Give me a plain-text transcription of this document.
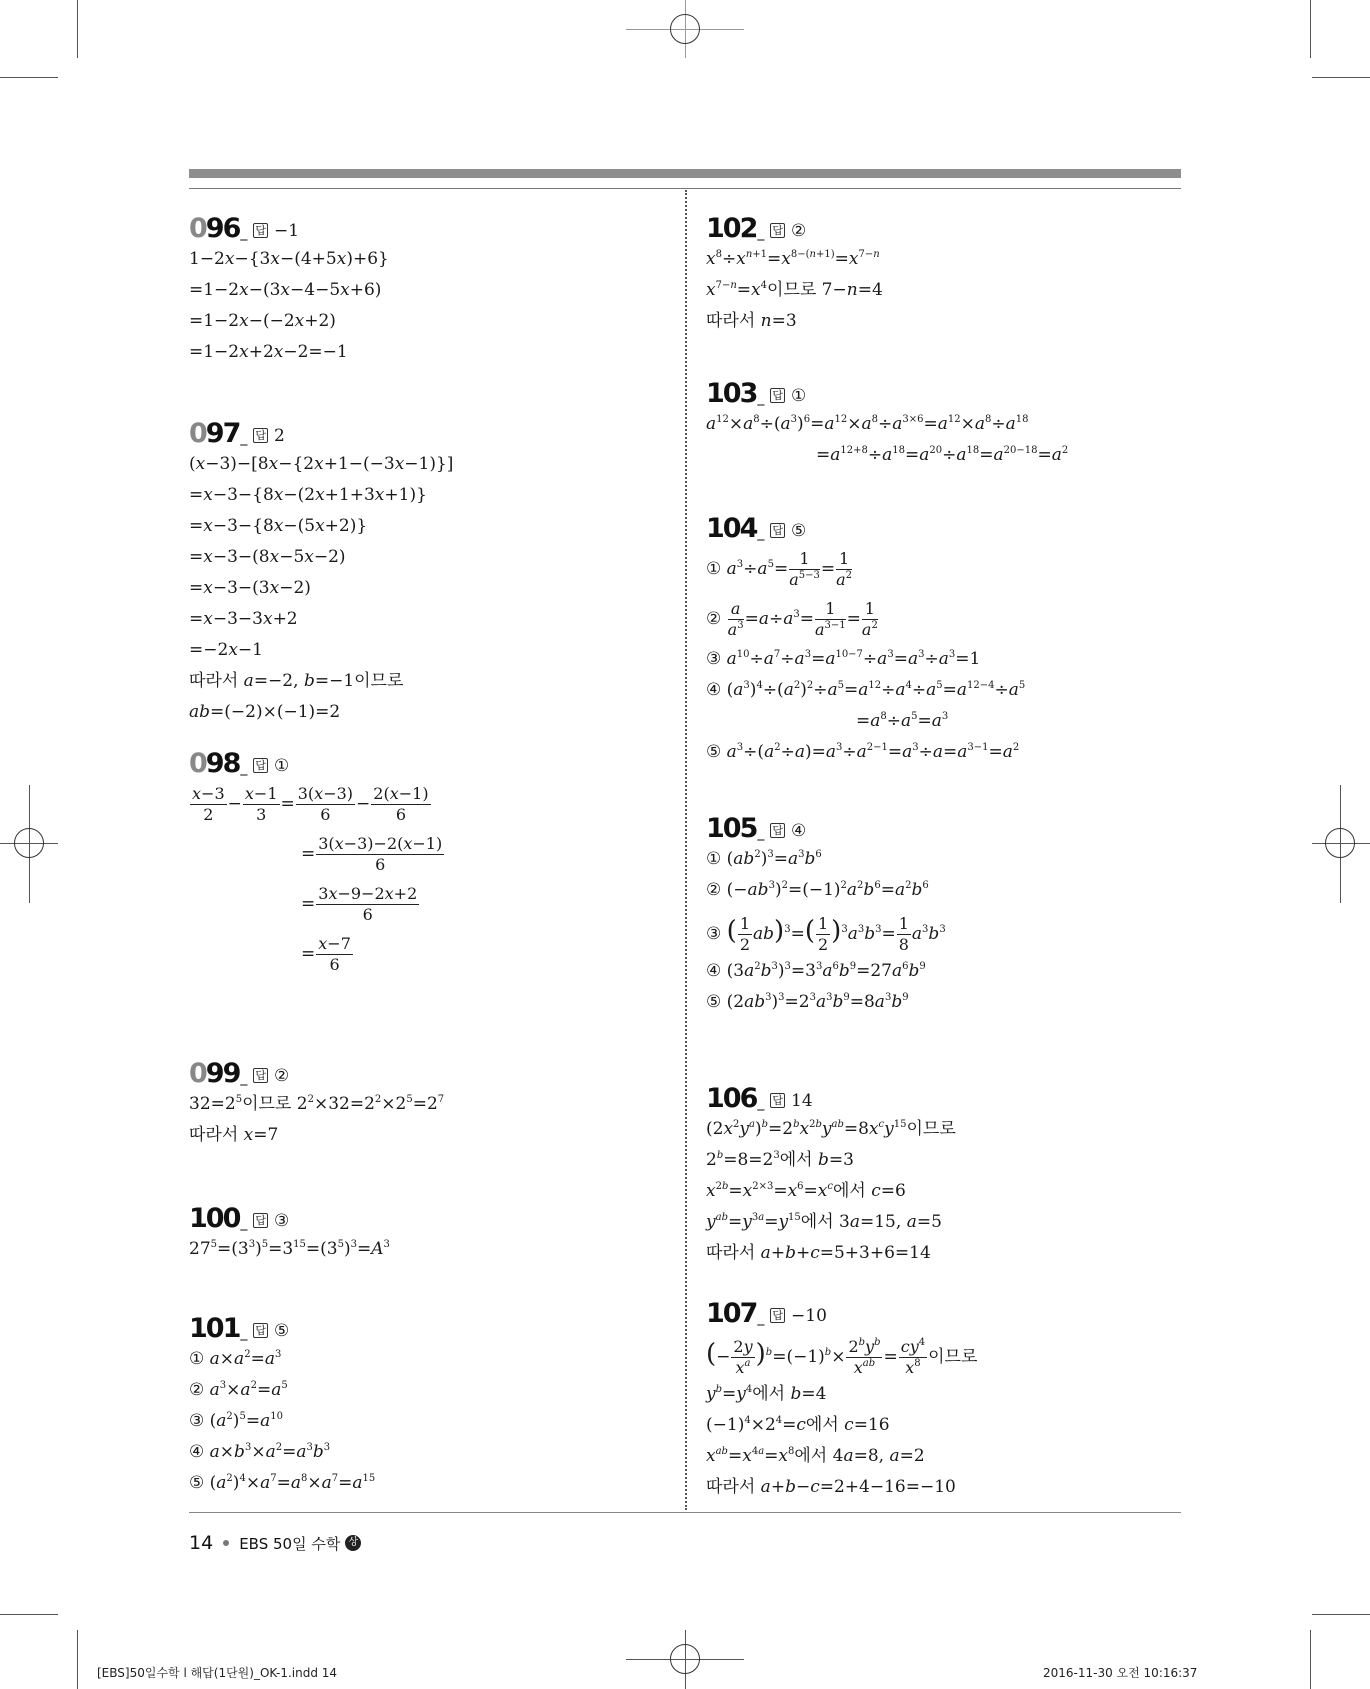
096 _ 답 −1
1−2x−{3x−(4+5x)+6}
=1−2x−(3x−4−5x+6)
=1−2x−(−2x+2)
=1−2x+2x−2=−1
097 _ 답 2
(x−3)−[8x−{2x+1−(−3x−1)}]
=x−3−{8x−(2x+1+3x+1)}
=x−3−{8x−(5x+2)}
=x−3−(8x−5x−2)
=x−3−(3x−2)
=x−3−3x+2
=−2x−1
따라서 a=−2, b=−1이므로
ab=(−2)×(−1)=2
098 _ 답 ①
$\frac{x-3}{2} - \frac{x-1}{3} = \frac{3(x-3)}{6} - \frac{2(x-1)}{6}$
= $\frac{3(x-3)-2(x-1)}{6}$
= $\frac{3x-9-2x+2}{6}$
= $\frac{x-7}{6}$
099 _ 답 ②
$32=2^5$이므로 $2^2\times 32=2^2\times 2^5=2^7$
따라서 x=7
100 _ 답 ③
$27^5=(3^3)^5=3^{15}=(3^5)^3=A^3$
101 _ 답 ⑤
① $a\times a^2=a^3$
② $a^3\times a^2=a^5$
③ $(a^2)^5=a^{10}$
④ $a\times b^3\times a^2=a^3b^3$
⑤ $(a^2)^4\times a^7=a^8\times a^7=a^{15}$
102 _ 답 ②
$x^8\div x^{n+1}=x^{8-(n+1)}=x^{7-n}$
$x^{7-n}=x^4$이므로 7−n=4
따라서 n=3
103 _ 답 ①
$a^{12}\times a^8\div(a^3)^6=a^{12}\times a^8\div a^{3\times 6}=a^{12}\times a^8\div a^{18}$
$=a^{12+8}\div a^{18}=a^{20}\div a^{18}=a^{20-18}=a^2$
104 _ 답 ⑤
① $a^3\div a^5= \frac{1}{a^{5-3}} = \frac{1}{a^2}$
② $\frac{a}{a^3} =a\div a^3= \frac{1}{a^{3-1}} = \frac{1}{a^2}$
③ $a^{10}\div a^7\div a^3=a^{10-7}\div a^3=a^3\div a^3=1$
④ $(a^3)^4\div(a^2)^2\div a^5=a^{12}\div a^4\div a^5=a^{12-4}\div a^5$
$=a^8\div a^5=a^3$
⑤ $a^3\div(a^2\div a)=a^3\div a^{2-1}=a^3\div a=a^{3-1}=a^2$
105 _ 답 ④
① $(ab^2)^3=a^3b^6$
② $(-ab^3)^2=(-1)^2a^2b^6=a^2b^6$
③ ( $\frac{1}{2} ab)^3=( \frac{1}{2} )^3a^3b^3= \frac{1}{8} a^3b^3$
④ $(3a^2b^3)^3=3^3a^6b^9=27a^6b^9$
⑤ $(2ab^3)^3=2^3a^3b^9=8a^3b^9$
106 _ 답 14
$(2x^2y^a)^b=2^bx^{2b}y^{ab}=8x^cy^{15}$이므로
$2^b=8=2^3$에서 b=3
$x^{2b}=x^{2\times 3}=x^6=x^c$에서 c=6
$y^{ab}=y^{3a}=y^{15}$에서 3a=15, a=5
따라서 a+b+c=5+3+6=14
107 _ 답 −10
(− $\frac{2y}{x^a} )^b=(-1)^b\times \frac{2^by^b}{x^{ab}} = \frac{cy^4}{x^8}$ 이므로
$y^b=y^4$에서 b=4
$(-1)^4\times 2^4=c$에서 c=16
$x^{ab}=x^{4a}=x^8$에서 4a=8, a=2
따라서 a+b−c=2+4−16=−10
14 EBS 50일 수학 상
[EBS]50일수학 l 해답(1단원)_OK-1.indd 14	2016-11-30 오전 10:16:37
